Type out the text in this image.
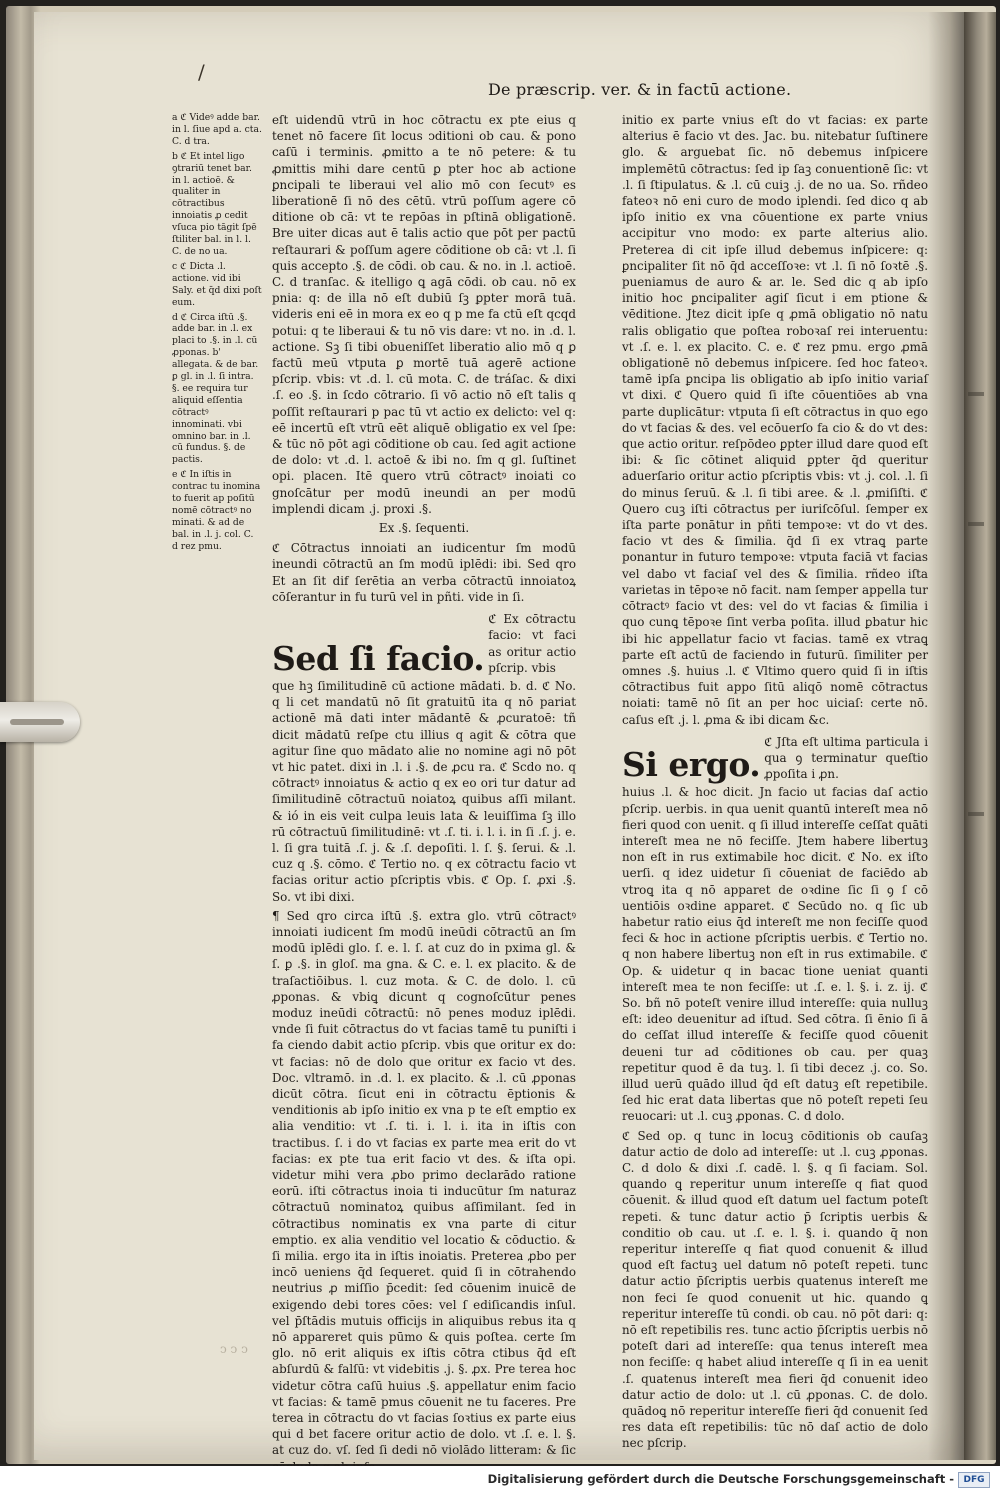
/
De præscrip. ver. & in factū actione.

a ℭ Videꝰ adde bar. in l. ſiue apd a. cta. C. d tra.

b ℭ Et intel ligo ꝯtrariū tenet bar. in l. actioē. & qualiter in cōtractibus innoiatis ꝓ cedit vſuca pio tāgit ſpē ſtiliter bal. in l. l. C. de no ua.

c ℭ Dicta .l. actione. vid ibi Saly. et q̄d dixi poſt eum.

d ℭ Circa iſtū .§. adde bar. in .l. ex placi to .§. in .l. cū ꝓponas. b' allegata. & de bar. ꝑ gl. in .l. ſi intra. §. ee requira tur aliquid eſſentia cōtractꝰ innominati. vbi omnino bar. in .l. cū fundus. §. de pactis.

e ℭ In iſtis in contrac tu inomina to fuerit ap poſitū nomē cōtractꝰ no minati. & ad de bal. in .l. j. col. C. d rez pmu.

eſt uidendū vtrū in hoc cōtractu ex pte eius q tenet nō facere ſit locus ↄditioni ob cau. & pono caſū i terminis. ꝓmitto a te nō petere: & tu ꝓmittis mihi dare centū ꝑ pter hoc ab actione ꝑncipali te liberaui vel alio mō con ſecutꝰ es liberationē ſi nō des cētū. vtrū poſſum agere cō ditione ob cā: vt te repōas in pſtinā obligationē. Bre uiter dicas aut ē talis actio que pōt per pactū reſtaurari & poſſum agere cōditione ob cā: vt .l. ſi quis accepto .§. de cōdi. ob cau. & no. in .l. actioē. C. d tranſac. & itelligo ꝗ agā cōdi. ob cau. nō ex pnia: q: de illa nō eſt dubiū ſꝫ ꝑpter morā tuā. videris eni eē in mora ex eo q p me fa ctū eſt qcqd potui: q te liberaui & tu nō vis dare: vt no. in .d. l. actione. Sꝫ ſi tibi obueniſſet liberatio alio mō q ꝑ factū meū vtputa ꝑ mortē tuā agerē actione pſcrip. vbis: vt .d. l. cū mota. C. de tráſac. & dixi .ſ. eo .§. in ſcdo cōtrario. ſi vō actio nō eſt talis q poſſit reſtaurari p pac tū vt actio ex delicto: vel q: eē incertū eſt vtrū eēt aliquē obligatio ex vel ſpe: & tūc nō pōt agi cōditione ob cau. ſed agit actione de dolo: vt .d. l. actoē & ibi no. ſm q gl. ſuſtinet opi. placen. Itē quero vtrū cōtractꝰ inoiati co gnoſcātur per modū ineundi an per modū implendi dicam .j. proxi .§.

Ex .§. ſequenti.

ℭ Cōtractus innoiati an iudicentur ſm modū ineundi cōtractū an ſm modū iplēdi: ibi. Sed qro Et an ſit dif ſerētia an verba cōtractū innoiatoꝝ cōſerantur in fu turū vel in pñti. vide in ſi.

Sed ſi facio.
ℭ Ex cōtractu facio: vt faci as oritur actio pſcrip. vbis

que hꝫ ſimilitudinē cū actione mādati. b. d. ℭ No. q li cet mandatū nō ſit gratuitū ita q nō pariat actionē mā dati inter mādantē & ꝓcuratoē: tñ dicit mādatū reſpe ctu illius q agit & cōtra que agitur ſine quo mādato alie no nomine agi nō pōt vt hic patet. dixi in .l. i .§. de ꝓcu ra. ℭ Scdo no. q cōtractꝰ innoiatus & actio q ex eo ori tur datur ad ſimilitudinē cōtractuū noiatoꝝ quibus aſſi milant. & ió in eis veit culpa leuis lata & leuiſſima ſꝫ illo rū cōtractuū ſimilitudinē: vt .ſ. ti. i. l. i. in ſi .ſ. j. e. l. ſi gra tuitā .ſ. j. & .ſ. depoſiti. l. ſ. §. ſerui. & .l. cuz q .§. cōmo. ℭ Tertio no. q ex cōtractu facio vt facias oritur actio pſcriptis vbis. ℭ Op. ſ. ꝓxi .§. So. vt ibi dixi.

¶ Sed qro circa iſtū .§. extra glo. vtrū cōtractꝰ innoiati iudicent ſm modū ineūdi cōtractū an ſm modū iplēdi glo. ſ. e. l. ſ. at cuz do in pxima gl. & ſ. ꝑ .§. in gloſ. ma gna. & C. e. l. ex placito. & de traſactiōibus. l. cuz mota. & C. de dolo. l. cū ꝓponas. & vbiꝗ dicunt q cognoſcūtur penes moduz ineūdi cōtractū: nō penes moduz iplēdi. vnde ſi fuit cōtractus do vt facias tamē tu puniſti i fa ciendo dabit actio pſcrip. vbis que oritur ex do: vt facias: nō de dolo que oritur ex facio vt des. Doc. vltramō. in .d. l. ex placito. & .l. cū ꝓponas dicūt cōtra. ſicut eni in cōtractu ēptionis & venditionis ab ipſo initio ex vna p te eſt emptio ex alia venditio: vt .ſ. ti. i. l. i. ita in iſtis con tractibus. ſ. i do vt facias ex parte mea erit do vt facias: ex pte tua erit facio vt des. & iſta opi. videtur mihi vera ꝓbo primo declarādo ratione eorū. iſti cōtractus inoia ti inducūtur ſm naturaz cōtractuū nominatoꝝ quibus aſſimilant. ſed in cōtractibus nominatis ex vna parte di citur emptio. ex alia venditio vel locatio & cōductio. & ſi milia. ergo ita in iſtis inoiatis. Preterea ꝓbo per incō ueniens q̄d ſequeret. quid ſi in cōtrahendo neutrius ꝓ miſſio p̄cedit: ſed cōuenim inuicē de exigendo debi tores cōes: vel ſ ediſicandis inſul. vel p̄ſtādis mutuis officijs in aliquibus rebus ita q nō appareret quis pūmo & quis poſtea. certe ſm glo. nō erit aliquis ex iſtis cōtra ctibus q̄d eſt abſurdū & falſū: vt videbitis .j. §. ꝓx. Pre terea hoc videtur cōtra caſū huius .§. appellatur enim facio vt facias: & tamē pmus cōuenit ne tu faceres. Pre terea in cōtractu do vt facias ſoꝛtius ex parte eius qui d bet facere oritur actio de dolo. vt .ſ. e. l. §. at cuz do. vſ. ſed ſi dedi nō violādo litteram: & ſic

initio ex parte vnius eſt do vt facias: ex parte alterius ē facio vt des. Jac. bu. nitebatur ſuſtinere glo. & arguebat ſic. nō debemus inſpicere implemētū cōtractus: ſed ip ſaꝫ conuentionē ſic: vt .l. ſi ſtipulatus. & .l. cū cuiꝫ .j. de no ua. So. rñdeo fateoꝛ nō eni curo de modo iplendi. ſed dico q ab ipſo initio ex vna cōuentione ex parte vnius accipitur vno modo: ex parte alterius alio. Preterea di cit ipſe illud debemus inſpicere: q: ꝑncipaliter ſit nō q̄d acceſſoꝛe: vt .l. ſi nō ſoꝛtē .§. pueniamus de auro & ar. le. Sed dic q ab ipſo initio hoc ꝑncipaliter agiſ ſicut i em ptione & vēditione. Jtez dicit ipſe q ꝓmā obligatio nō natu ralis obligatio que poſtea roboꝛaſ rei interuentu: vt .ſ. e. l. ex placito. C. e. ℭ rez pmu. ergo ꝓmā obligationē nō debemus inſpicere. ſed hoc fateoꝛ. tamē ipſa ꝑncipa lis obligatio ab ipſo initio variaſ vt dixi. ℭ Quero quid ſi iſte cōuentiōes ab vna parte duplicātur: vtputa ſi eſt cōtractus in quo ego do vt facias & des. vel ecōuerſo fa cio & do vt des: que actio oritur. reſpōdeo ꝑpter illud dare quod eſt ibi: & ſic cōtinet aliquid ꝑpter q̄d queritur aduerſario oritur actio pſcriptis vbis: vt .j. col. .l. ſi do minus ſeruū. & .l. ſi tibi aree. & .l. ꝓmiſiſti. ℭ Quero cuꝫ iſti cōtractus per iuriſcōſul. ſemper ex iſta parte ponātur in pñti tempoꝛe: vt do vt des. facio vt des & ſimilia. q̄d ſi ex vtraꝗ parte ponantur in futuro tempoꝛe: vtputa faciā vt facias vel dabo vt faciaſ vel des & ſimilia. rñdeo iſta varietas in tēpoꝛe nō facit. nam ſemper appella tur cōtractꝰ facio vt des: vel do vt facias & ſimilia i quo cunꝗ tēpoꝛe ſint verba poſita. illud ꝑbatur hic ibi hic appellatur facio vt facias. tamē ex vtraꝗ parte eſt actū de faciendo in futurū. ſimiliter per omnes .§. huius .l. ℭ Vltimo quero quid ſi in iſtis cōtractibus fuit appo ſitū aliqō nomē cōtractus noiati: tamē nō ſit an per hoc uiciaſ: certe nō. caſus eſt .j. l. ꝓma & ibi dicam &c.

Si ergo.
ℭ Jſta eſt ultima particula i qua ꝯ terminatur queſtio ꝓpoſita i ꝓn.

huius .l. & hoc dicit. Jn facio ut facias daſ actio pſcrip. uerbis. in qua uenit quantū intereſt mea nō fieri quod con uenit. q ſi illud intereſſe ceſſat quāti intereſt mea ne nō feciſſe. Jtem habere libertuꝫ non eſt in rus extimabile hoc dicit. ℭ No. ex iſto uerſi. q idez uidetur ſi cōueniat de faciēdo ab vtroꝗ ita q nō apparet de oꝛdine ſic ſi ꝯ ſ cō uentiōis oꝛdine apparet. ℭ Secūdo no. q ſic ub habetur ratio eius q̄d intereſt me non feciſſe quod feci & hoc in actione pſcriptis uerbis. ℭ Tertio no. q non habere libertuꝫ non eſt in rus extimabile. ℭ Op. & uidetur q in bacac tione ueniat quanti intereſt mea te non feciſſe: ut .ſ. e. l. §. i. z. ij. ℭ So. bñ nō poteſt venire illud intereſſe: quia nulluꝫ eſt: ideo deuenitur ad iſtud. Sed cōtra. ſi ēnio ſi ā do ceſſat illud intereſſe & feciſſe quod cōuenit deueni tur ad cōditiones ob cau. per quaꝫ repetitur quod ē da tuꝫ. l. ſi tibi decez .j. co. So. illud uerū quādo illud q̄d eſt datuꝫ eſt repetibile. ſed hic erat data libertas que nō poteſt repeti ſeu reuocari: ut .l. cuꝫ ꝓponas. C. d dolo.

ℭ Sed op. q tunc in locuꝫ cōditionis ob cauſaꝫ datur actio de dolo ad intereſſe: ut .l. cuꝫ ꝓponas. C. d dolo & dixi .ſ. cadē. l. §. q ſi faciam. Sol. quando ꝗ reperitur unum intereſſe q fiat quod cōuenit. & illud quod eſt datum uel factum poteſt repeti. & tunc datur actio p̄ ſcriptis uerbis & conditio ob cau. ut .ſ. e. l. §. i. quando q̄ non reperitur intereſſe q fiat quod conuenit & illud quod eſt factuꝫ uel datum nō poteſt repeti. tunc datur actio p̄ſcriptis uerbis quatenus intereſt me non feci ſe quod conuenit ut hic. quando ꝗ reperitur intereſſe tū condi. ob cau. nō pōt dari: q: nō eſt repetibilis res. tunc actio p̄ſcriptis uerbis nō poteſt dari ad intereſſe: qua tenus intereſt mea non feciſſe: q habet aliud intereſſe q ſi in ea uenit .ſ. quatenus intereſt mea fieri q̄d conuenit ideo datur actio de dolo: ut .l. cū ꝓponas. C. de dolo. quādoꝗ nō reperitur intereſſe fieri q̄d conuenit ſed res data eſt repetibilis: tūc nō daſ actio de dolo nec pſcrip.

ↄ ↄ ↄ
Digitalisierung gefördert durch die Deutsche Forschungsgemeinschaft -	DFG
